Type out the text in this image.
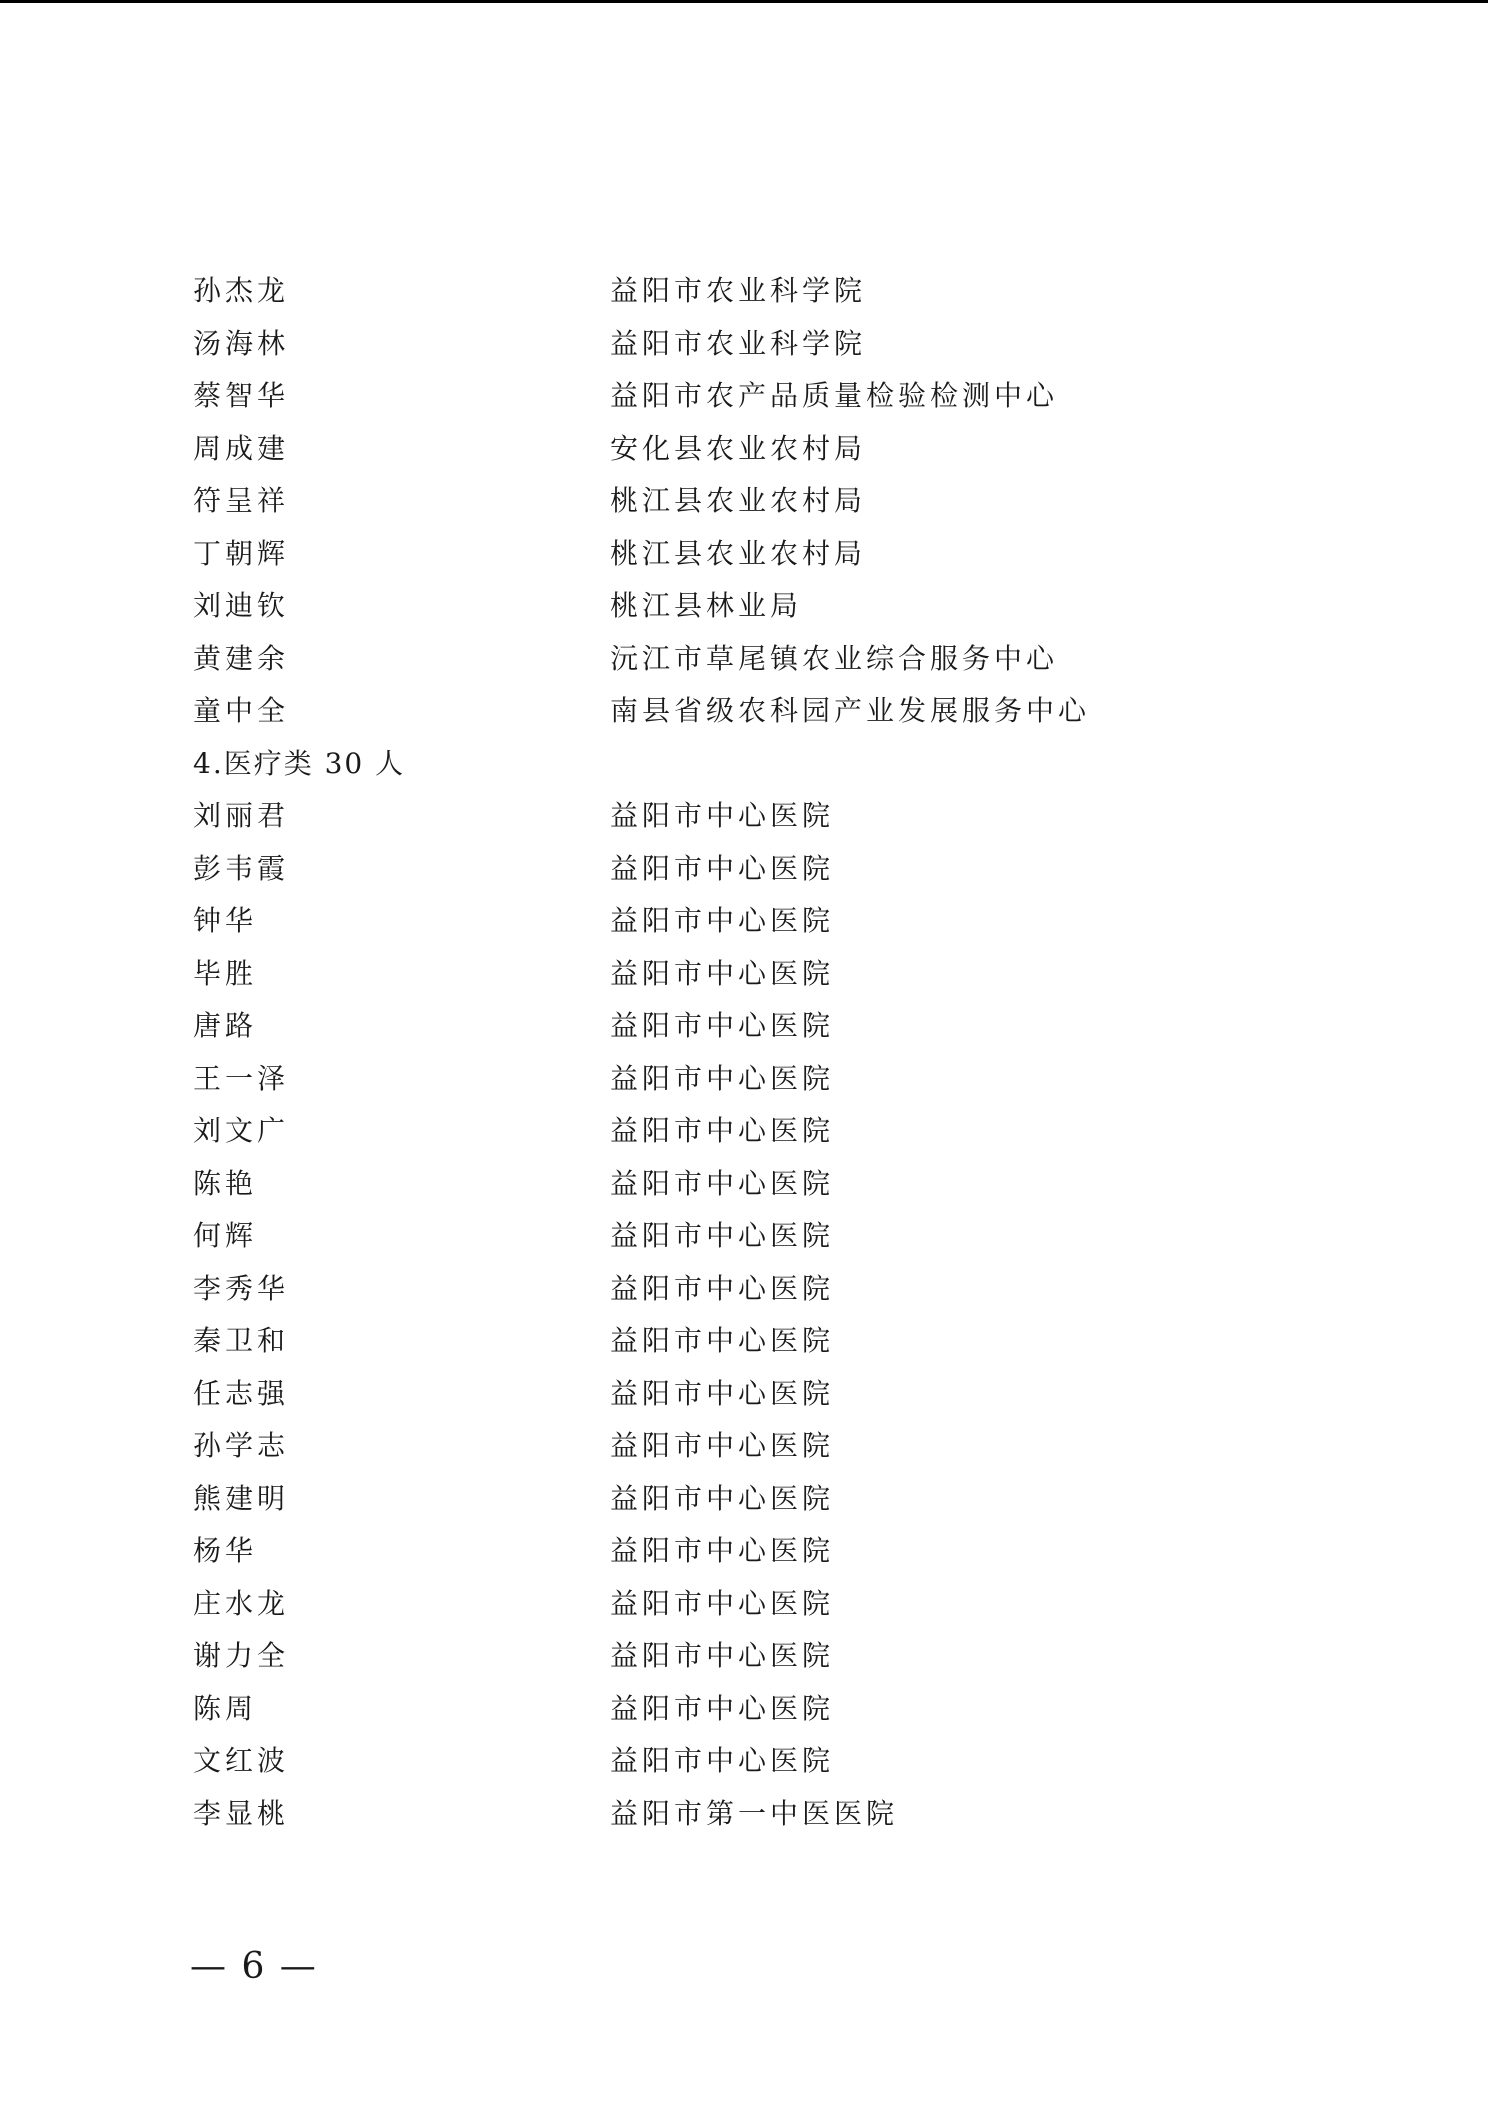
孙杰龙	益阳市农业科学院
汤海林	益阳市农业科学院
蔡智华	益阳市农产品质量检验检测中心
周成建	安化县农业农村局
符呈祥	桃江县农业农村局
丁朝辉	桃江县农业农村局
刘迪钦	桃江县林业局
黄建余	沅江市草尾镇农业综合服务中心
童中全	南县省级农科园产业发展服务中心
4.医疗类 30 人
刘丽君	益阳市中心医院
彭韦霞	益阳市中心医院
钟华	益阳市中心医院
毕胜	益阳市中心医院
唐路	益阳市中心医院
王一泽	益阳市中心医院
刘文广	益阳市中心医院
陈艳	益阳市中心医院
何辉	益阳市中心医院
李秀华	益阳市中心医院
秦卫和	益阳市中心医院
任志强	益阳市中心医院
孙学志	益阳市中心医院
熊建明	益阳市中心医院
杨华	益阳市中心医院
庄水龙	益阳市中心医院
谢力全	益阳市中心医院
陈周	益阳市中心医院
文红波	益阳市中心医院
李显桃	益阳市第一中医医院
— 6 —
